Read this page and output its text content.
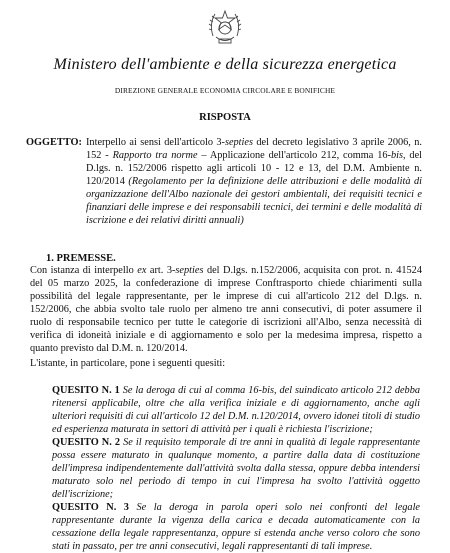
Ministero dell'ambiente e della sicurezza energetica
DIREZIONE GENERALE ECONOMIA CIRCOLARE E BONIFICHE
RISPOSTA
OGGETTO: Interpello ai sensi dell'articolo 3-septies del decreto legislativo 3 aprile 2006, n. 152 - Rapporto tra norme – Applicazione dell'articolo 212, comma 16-bis, del D.lgs. n. 152/2006 rispetto agli articoli 10 - 12 e 13, del D.M. Ambiente n. 120/2014 (Regolamento per la definizione delle attribuzioni e delle modalità di organizzazione dell'Albo nazionale dei gestori ambientali, dei requisiti tecnici e finanziari delle imprese e dei responsabili tecnici, dei termini e delle modalità di iscrizione e dei relativi diritti annuali)
1. PREMESSE.
Con istanza di interpello ex art. 3-septies del D.lgs. n.152/2006, acquisita con prot. n. 41524 del 05 marzo 2025, la confederazione di imprese Conftrasporto chiede chiarimenti sulla possibilità del legale rappresentante, per le imprese di cui all'articolo 212 del D.lgs. n. 152/2006, che abbia svolto tale ruolo per almeno tre anni consecutivi, di poter assumere il ruolo di responsabile tecnico per tutte le categorie di iscrizioni all'Albo, senza necessità di verifica di idoneità iniziale e di aggiornamento e solo per la medesima impresa, rispetto a quanto previsto dal D.M. n. 120/2014.
L'istante, in particolare, pone i seguenti quesiti:

QUESITO N. 1 Se la deroga di cui al comma 16-bis, del suindicato articolo 212 debba ritenersi applicabile, oltre che alla verifica iniziale e di aggiornamento, anche agli ulteriori requisiti di cui all'articolo 12 del D.M. n.120/2014, ovvero idonei titoli di studio ed esperienza maturata in settori di attività per i quali è richiesta l'iscrizione;

QUESITO N. 2 Se il requisito temporale di tre anni in qualità di legale rappresentante possa essere maturato in qualunque momento, a partire dalla data di costituzione dell'impresa indipendentemente dall'attività svolta dalla stessa, oppure debba intendersi maturato solo nel periodo di tempo in cui l'impresa ha svolto l'attività oggetto dell'iscrizione;

QUESITO N. 3 Se la deroga in parola operi solo nei confronti del legale rappresentante durante la vigenza della carica e decada automaticamente con la cessazione della legale rappresentanza, oppure si estenda anche verso coloro che sono stati in passato, per tre anni consecutivi, legali rappresentanti di tali imprese.
